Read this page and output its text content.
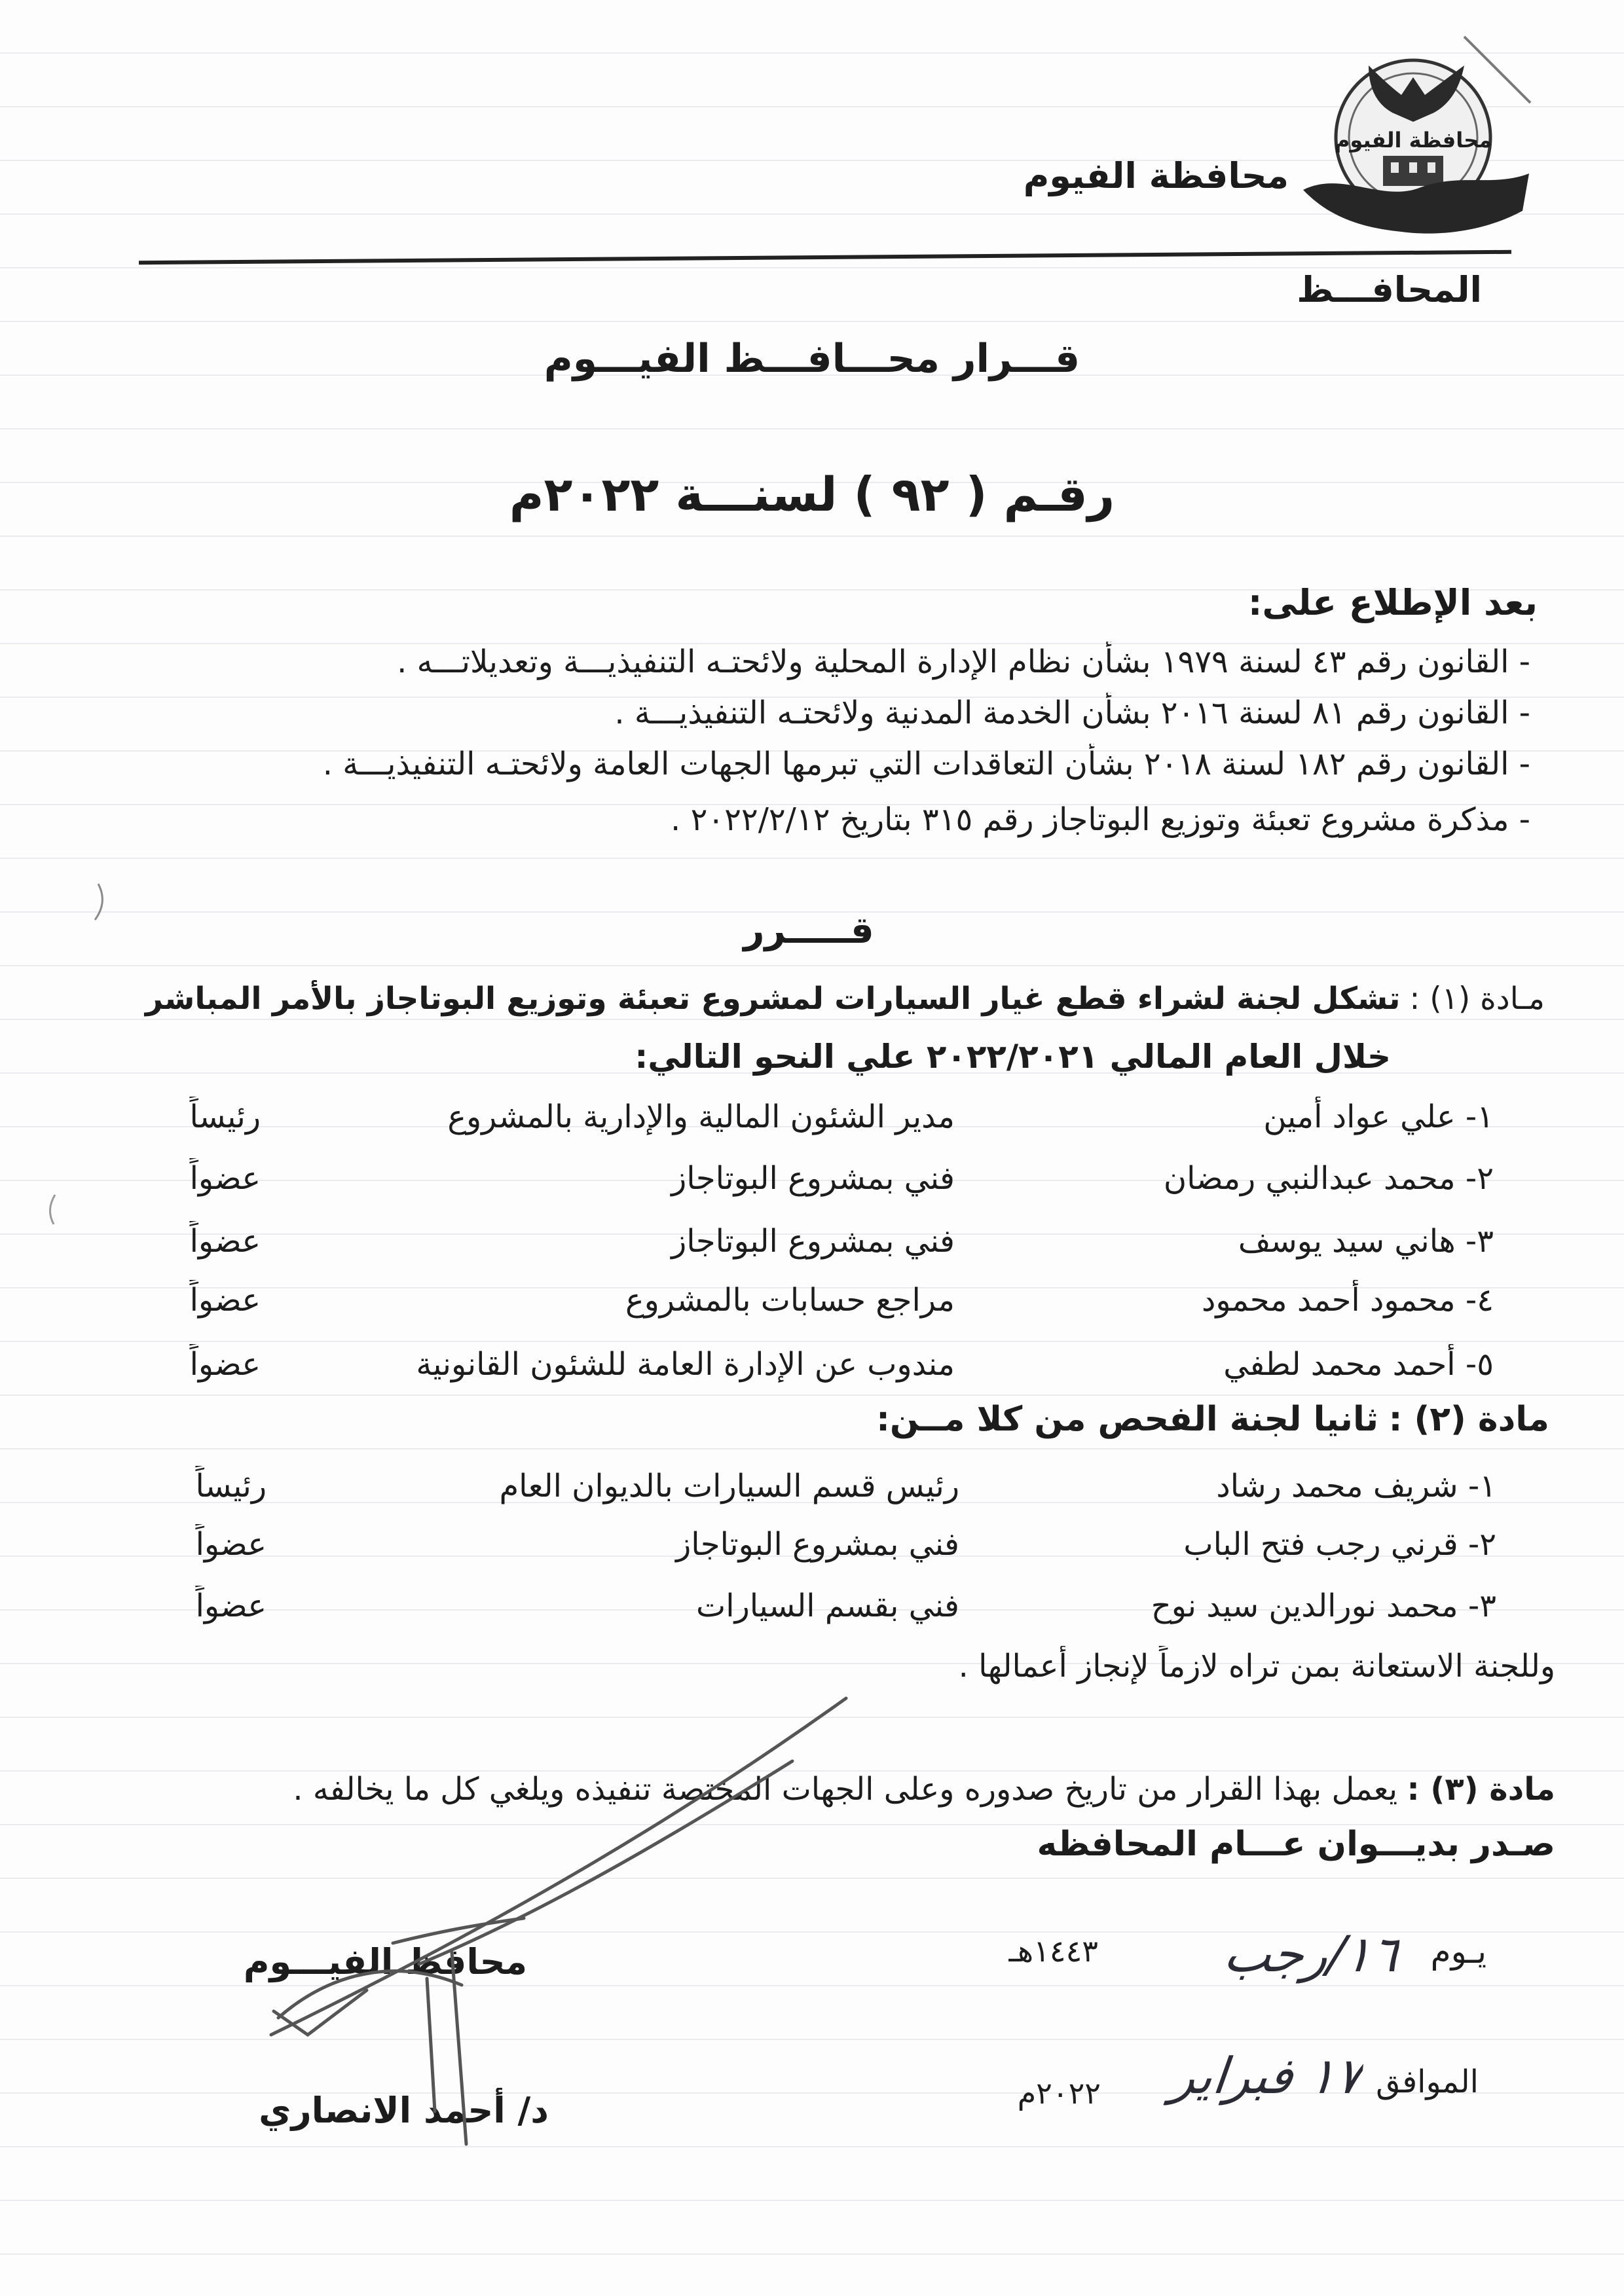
محافظة الفيوم
محافظة الفيوم
المحافـــظ
قـــرار محـــافـــظ الفيـــوم
رقـم ( ٩٢ ) لسنـــة ٢٠٢٢م
بعد الإطلاع على:
- القانون رقم ٤٣ لسنة ١٩٧٩ بشأن نظام الإدارة المحلية ولائحتـه التنفيذيـــة وتعديلاتـــه .
- القانون رقم ٨١ لسنة ٢٠١٦ بشأن الخدمة المدنية ولائحتـه التنفيذيـــة .
- القانون رقم ١٨٢ لسنة ٢٠١٨ بشأن التعاقدات التي تبرمها الجهات العامة ولائحتـه التنفيذيـــة .
- مذكرة مشروع تعبئة وتوزيع البوتاجاز رقم ٣١٥ بتاريخ ٢٠٢٢/٢/١٢ .
قـــــرر
مـادة (١) :تشكل لجنة لشراء قطع غيار السيارات لمشروع تعبئة وتوزيع البوتاجاز بالأمر المباشر
خلال العام المالي ٢٠٢٢/٢٠٢١ علي النحو التالي:
١- علي عواد أمين
مدير الشئون المالية والإدارية بالمشروع
رئيساً
٢- محمد عبدالنبي رمضان
فني بمشروع البوتاجاز
عضواً
٣- هاني سيد يوسف
فني بمشروع البوتاجاز
عضواً
٤- محمود أحمد محمود
مراجع حسابات بالمشروع
عضواً
٥- أحمد محمد لطفي
مندوب عن الإدارة العامة للشئون القانونية
عضواً
مادة (٢) :ثانيا لجنة الفحص من كلا مــن:
١- شريف محمد رشاد
رئيس قسم السيارات بالديوان العام
رئيساً
٢- قرني رجب فتح الباب
فني بمشروع البوتاجاز
عضواً
٣- محمد نورالدين سيد نوح
فني بقسم السيارات
عضواً
وللجنة الاستعانة بمن تراه لازماً لإنجاز أعمالها .
مادة (٣) :يعمل بهذا القرار من تاريخ صدوره وعلى الجهات المختصة تنفيذه ويلغي كل ما يخالفه .
صـدر بديـــوان عـــام المحافظه
محافظ الفيـــوم
د/ أحمد الانصاري
يـوم
١٦/رجب
١٤٤٣هـ
الموافق
١٧ فبراير
٢٠٢٢م
